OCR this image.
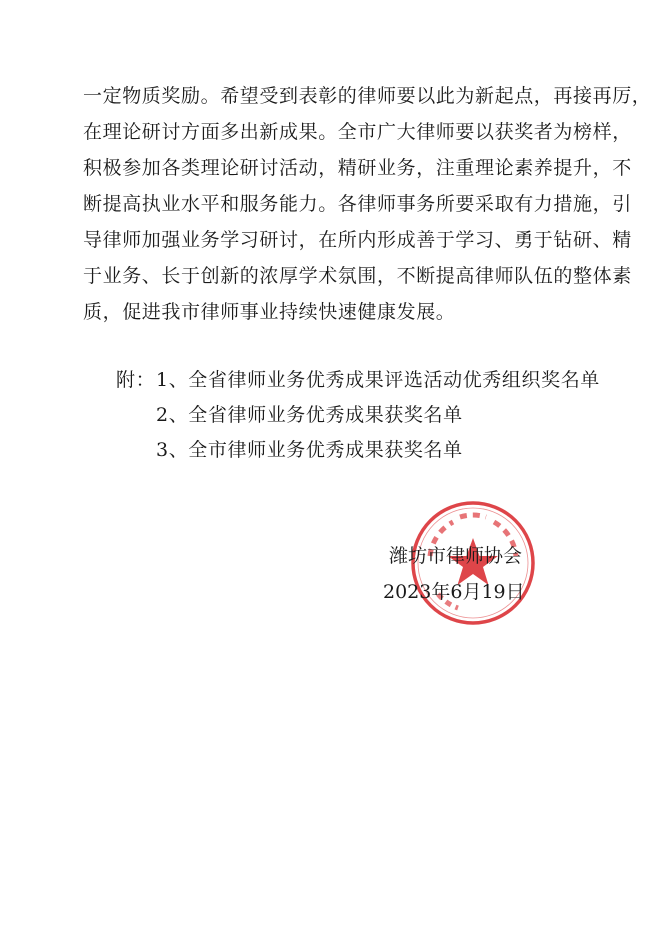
一定物质奖励。希望受到表彰的律师要以此为新起点，再接再厉，
在理论研讨方面多出新成果。全市广大律师要以获奖者为榜样，
积极参加各类理论研讨活动，精研业务，注重理论素养提升，不
断提高执业水平和服务能力。各律师事务所要采取有力措施，引
导律师加强业务学习研讨，在所内形成善于学习、勇于钻研、精
于业务、长于创新的浓厚学术氛围，不断提高律师队伍的整体素
质，促进我市律师事业持续快速健康发展。
附：1、全省律师业务优秀成果评选活动优秀组织奖名单
2、全省律师业务优秀成果获奖名单
3、全市律师业务优秀成果获奖名单
潍坊市律师协会
2023年6月19日
